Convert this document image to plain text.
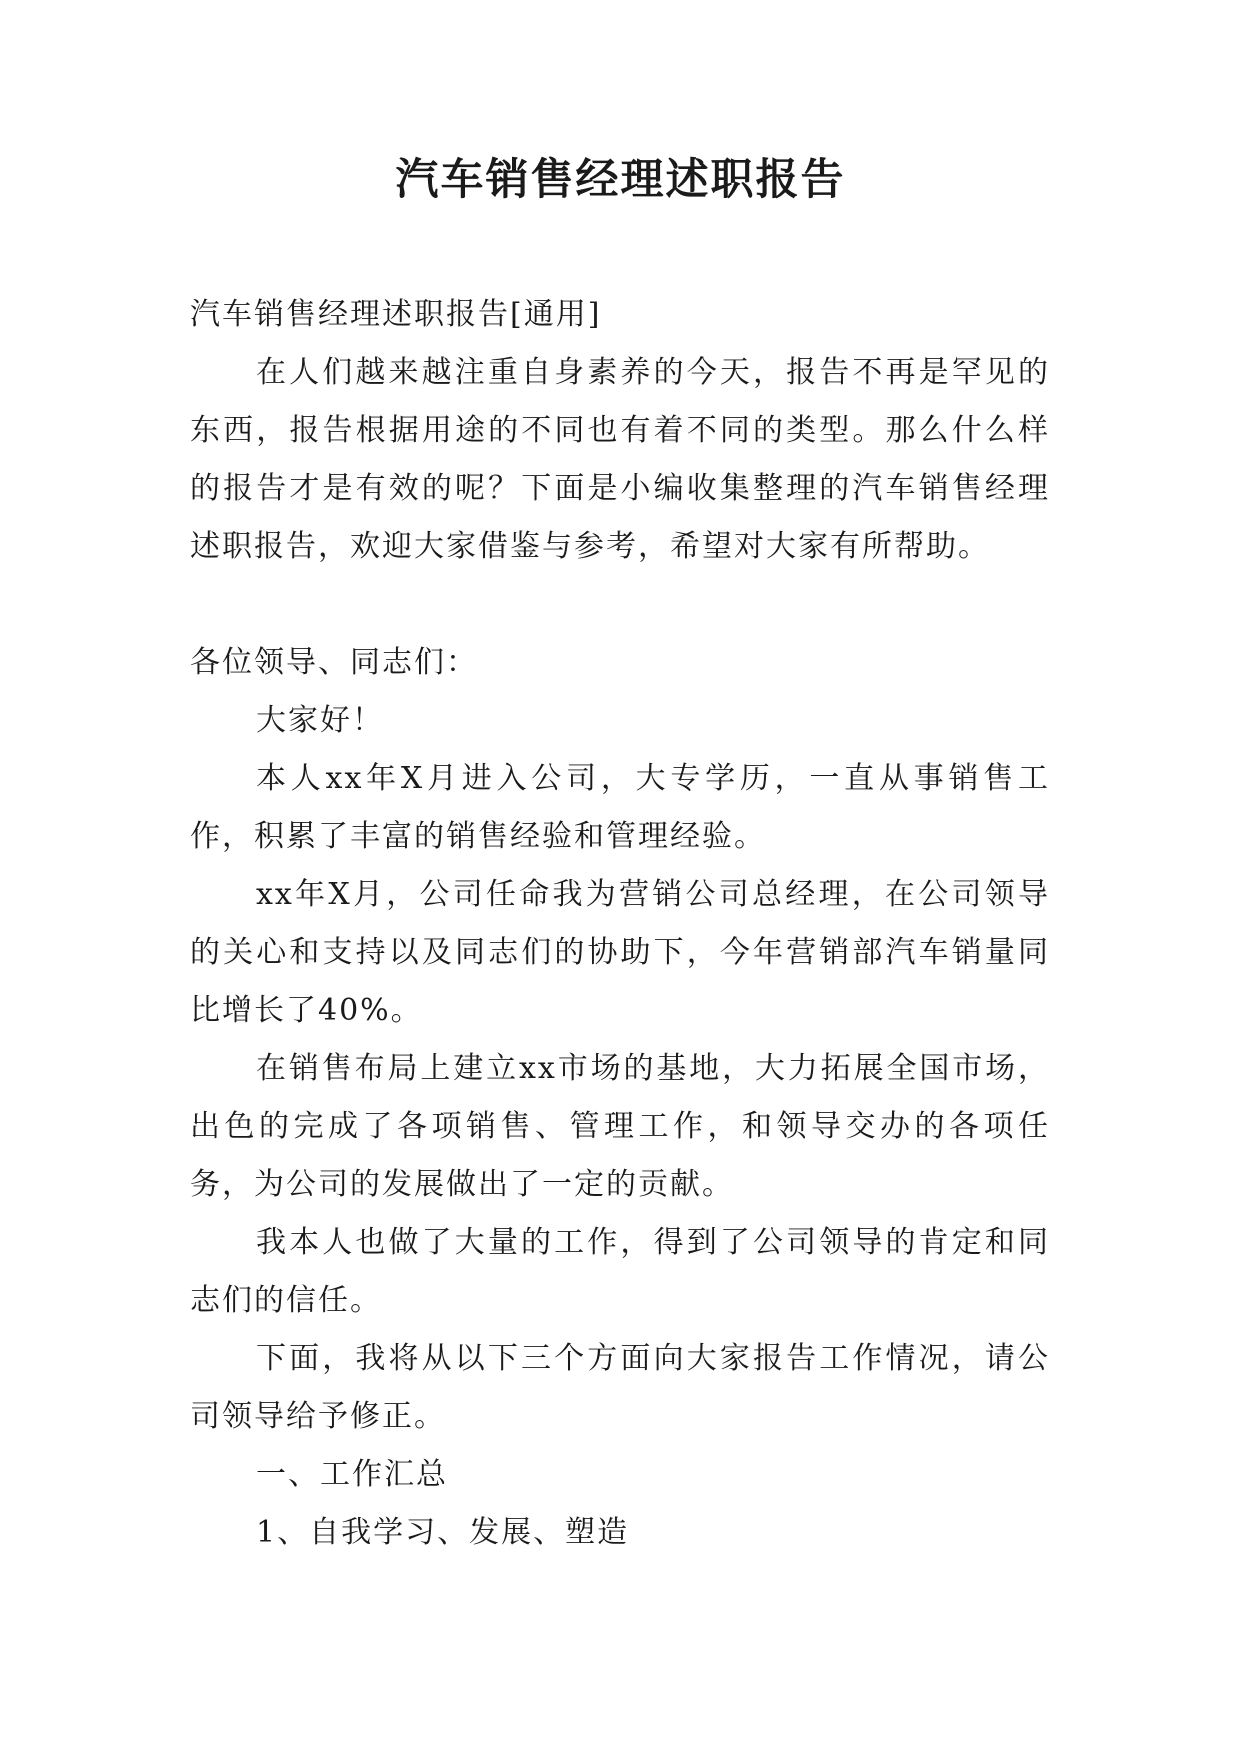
汽车销售经理述职报告

汽车销售经理述职报告[通用]

在人们越来越注重自身素养的今天，报告不再是罕见的东西，报告根据用途的不同也有着不同的类型。那么什么样的报告才是有效的呢？下面是小编收集整理的汽车销售经理述职报告，欢迎大家借鉴与参考，希望对大家有所帮助。

各位领导、同志们：

大家好！

本人xx年X月进入公司，大专学历，一直从事销售工作，积累了丰富的销售经验和管理经验。

xx年X月，公司任命我为营销公司总经理，在公司领导的关心和支持以及同志们的协助下，今年营销部汽车销量同比增长了40%。

在销售布局上建立xx市场的基地，大力拓展全国市场，出色的完成了各项销售、管理工作，和领导交办的各项任务，为公司的发展做出了一定的贡献。

我本人也做了大量的工作，得到了公司领导的肯定和同志们的信任。

下面，我将从以下三个方面向大家报告工作情况，请公司领导给予修正。

一、工作汇总

1、自我学习、发展、塑造
